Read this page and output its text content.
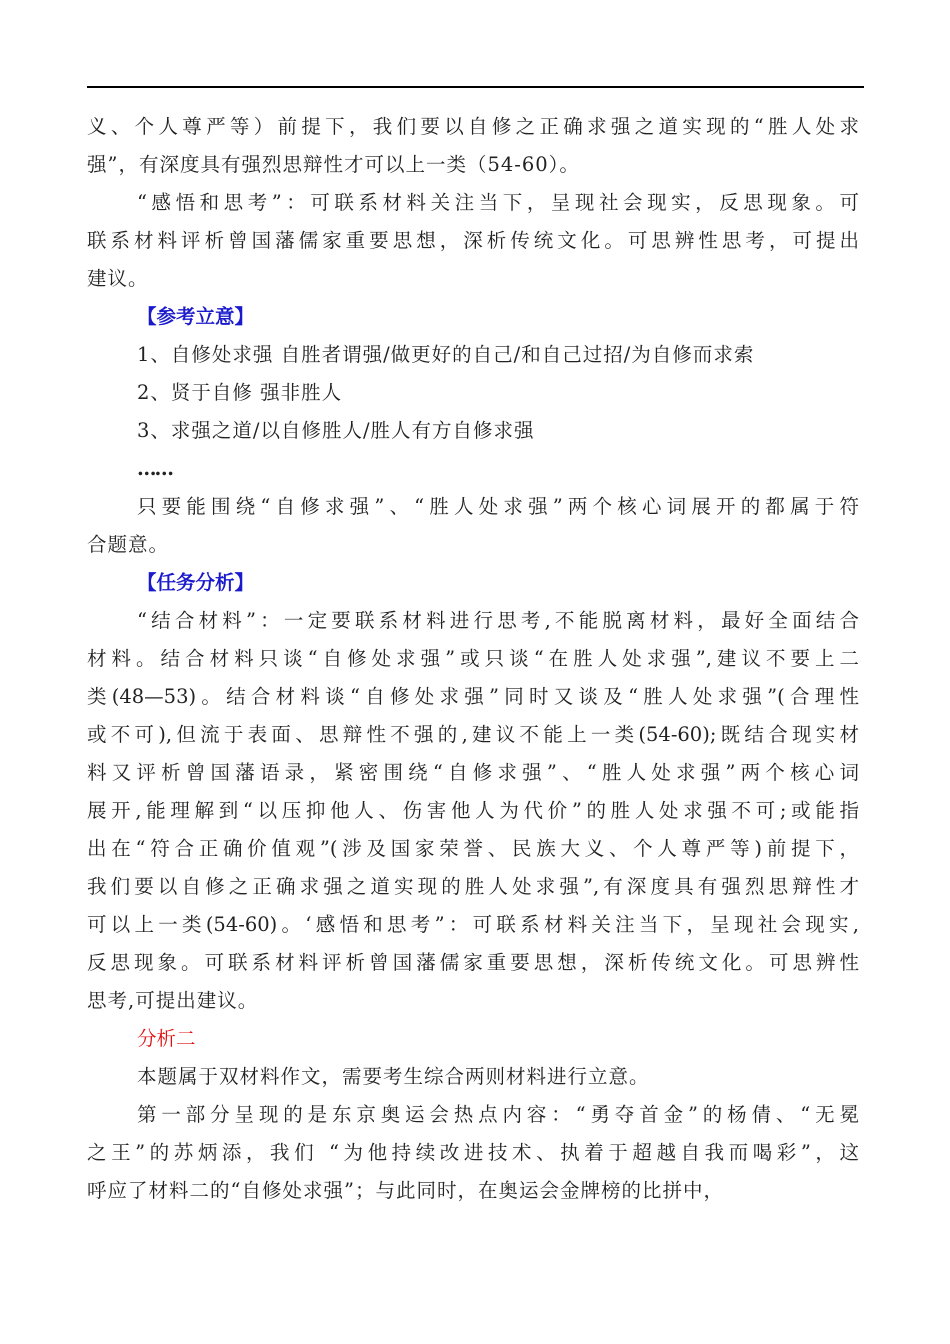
义、个人尊严等）前提下，我们要以自修之正确求强之道实现的“胜人处求
强”，有深度具有强烈思辩性才可以上一类（54-60）。
“感悟和思考”：可联系材料关注当下，呈现社会现实，反思现象。可
联系材料评析曾国藩儒家重要思想，深析传统文化。可思辨性思考，可提出
建议。
【参考立意】
1、自修处求强 自胜者谓强/做更好的自己/和自己过招/为自修而求索
2、贤于自修 强非胜人
3、求强之道/以自修胜人/胜人有方自修求强
……
只要能围绕“自修求强”、“胜人处求强”两个核心词展开的都属于符
合题意。
【任务分析】
“结合材料”：一定要联系材料进行思考,不能脱离材料，最好全面结合
材料。结合材料只谈“自修处求强”或只谈“在胜人处求强”,建议不要上二
类(48—53)。结合材料谈“自修处求强”同时又谈及“胜人处求强”(合理性
或不可),但流于表面、思辩性不强的,建议不能上一类(54-60);既结合现实材
料又评析曾国藩语录，紧密围绕“自修求强”、“胜人处求强”两个核心词
展开,能理解到“以压抑他人、伤害他人为代价”的胜人处求强不可;或能指
出在“符合正确价值观”(涉及国家荣誉、民族大义、个人尊严等)前提下，
我们要以自修之正确求强之道实现的胜人处求强”,有深度具有强烈思辩性才
可以上一类(54-60)。‘感悟和思考”：可联系材料关注当下，呈现社会现实,
反思现象。可联系材料评析曾国藩儒家重要思想，深析传统文化。可思辨性
思考,可提出建议。
分析二
本题属于双材料作文，需要考生综合两则材料进行立意。
第一部分呈现的是东京奥运会热点内容：“勇夺首金”的杨倩、“无冕
之王”的苏炳添，我们 “为他持续改进技术、执着于超越自我而喝彩”，这
呼应了材料二的“自修处求强”；与此同时，在奥运会金牌榜的比拼中，
